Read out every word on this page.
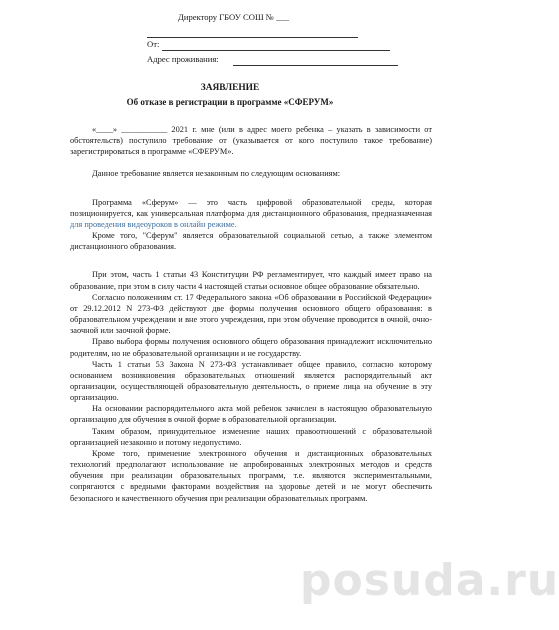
Директору ГБОУ СОШ № ___
От:
Адрес проживания:
ЗАЯВЛЕНИЕ
Об отказе в регистрации в программе «СФЕРУМ»

«____» ___________ 2021 г. мне (или в адрес моего ребенка – указать в зависимости от обстоятельств) поступило требование от (указывается от кого поступило такое требование) зарегистрироваться в программе «СФЕРУМ».

Данное требование является незаконным по следующим основаниям:

Программа «Сферум» — это часть цифровой образовательной среды, которая позиционируется, как универсальная платформа для дистанционного образования, предназначенная для проведения видеоуроков в онлайн режиме.

Кроме того, "Сферум" является образовательной социальной сетью, а также элементом дистанционного образования.

При этом, часть 1 статьи 43 Конституции РФ регламентирует, что каждый имеет право на образование, при этом в силу части 4 настоящей статьи основное общее образование обязательно.

Согласно положениям ст. 17 Федерального закона «Об образовании в Российской Федерации» от 29.12.2012 N 273-ФЗ действуют две формы получения основного общего образования: в образовательном учреждении и вне этого учреждения, при этом обучение проводится в очной, очно-заочной или заочной форме.

Право выбора формы получения основного общего образования принадлежит исключительно родителям, но не образовательной организации и не государству.

Часть 1 статьи 53 Закона N 273-ФЗ устанавливает общее правило, согласно которому основанием возникновения образовательных отношений является распорядительный акт организации, осуществляющей образовательную деятельность, о приеме лица на обучение в эту организацию.

На основании распорядительного акта мой ребенок зачислен в настоящую образовательную организацию для обучения в очной форме в образовательной организации.

Таким образом, принудительное изменение наших правоотношений с образовательной организацией незаконно и потому недопустимо.

Кроме того, применение электронного обучения и дистанционных образовательных технологий предполагают использование не апробированных электронных методов и средств обучения при реализации образовательных программ, т.е. являются экспериментальными, сопрягаются с вредными факторами воздействия на здоровье детей и не могут обеспечить безопасного и качественного обучения при реализации образовательных программ.

posuda.ru
